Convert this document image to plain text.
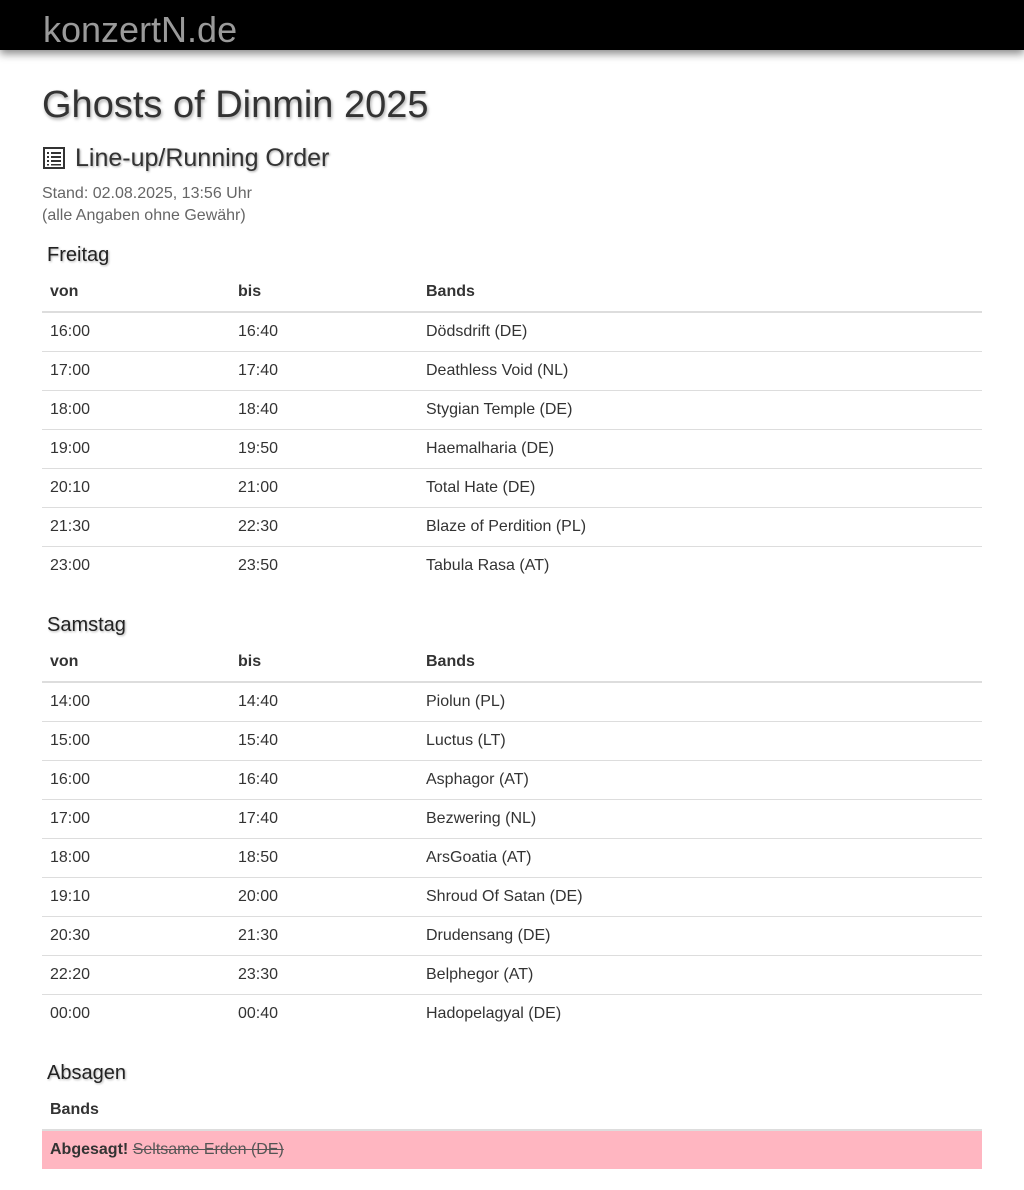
konzertN.de
Ghosts of Dinmin 2025
Line-up/Running Order
Stand: 02.08.2025, 13:56 Uhr
(alle Angaben ohne Gewähr)
Freitag
von	bis	Bands
16:00	16:40	Dödsdrift (DE)
17:00	17:40	Deathless Void (NL)
18:00	18:40	Stygian Temple (DE)
19:00	19:50	Haemalharia (DE)
20:10	21:00	Total Hate (DE)
21:30	22:30	Blaze of Perdition (PL)
23:00	23:50	Tabula Rasa (AT)
Samstag
von	bis	Bands
14:00	14:40	Piolun (PL)
15:00	15:40	Luctus (LT)
16:00	16:40	Asphagor (AT)
17:00	17:40	Bezwering (NL)
18:00	18:50	ArsGoatia (AT)
19:10	20:00	Shroud Of Satan (DE)
20:30	21:30	Drudensang (DE)
22:20	23:30	Belphegor (AT)
00:00	00:40	Hadopelagyal (DE)
Absagen
Bands
Abgesagt! Seltsame Erden (DE)
